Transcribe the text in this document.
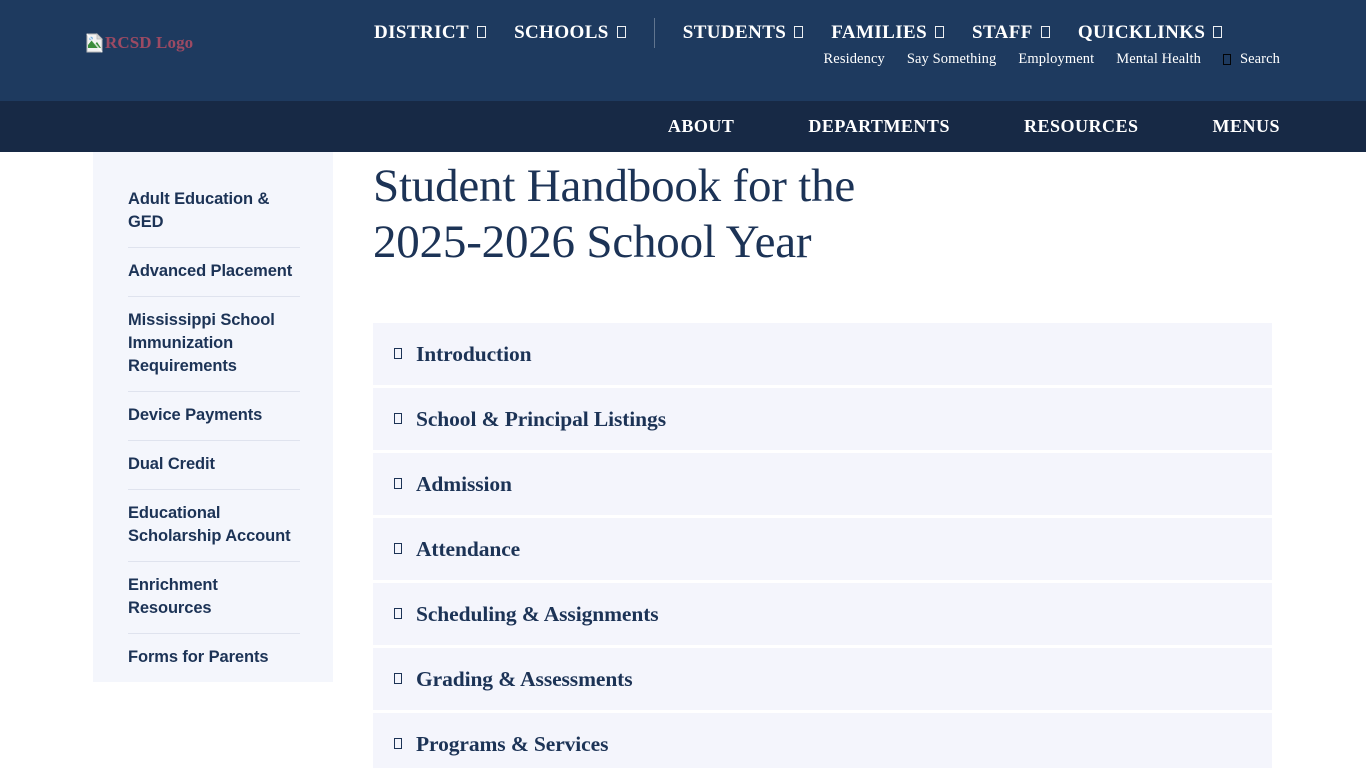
RCSD Logo	DISTRICT SCHOOLS	STUDENTS FAMILIES STAFF QUICKLINKS
Residency Say Something Employment Mental Health	Search
ABOUT	DEPARTMENTS	RESOURCES	MENUS
Adult Education & GED
Advanced Placement
Mississippi School Immunization Requirements
Device Payments
Dual Credit
Educational Scholarship Account
Enrichment Resources
Forms for Parents
Student Handbook for the 2025-2026 School Year
Introduction
School & Principal Listings
Admission
Attendance
Scheduling & Assignments
Grading & Assessments
Programs & Services
